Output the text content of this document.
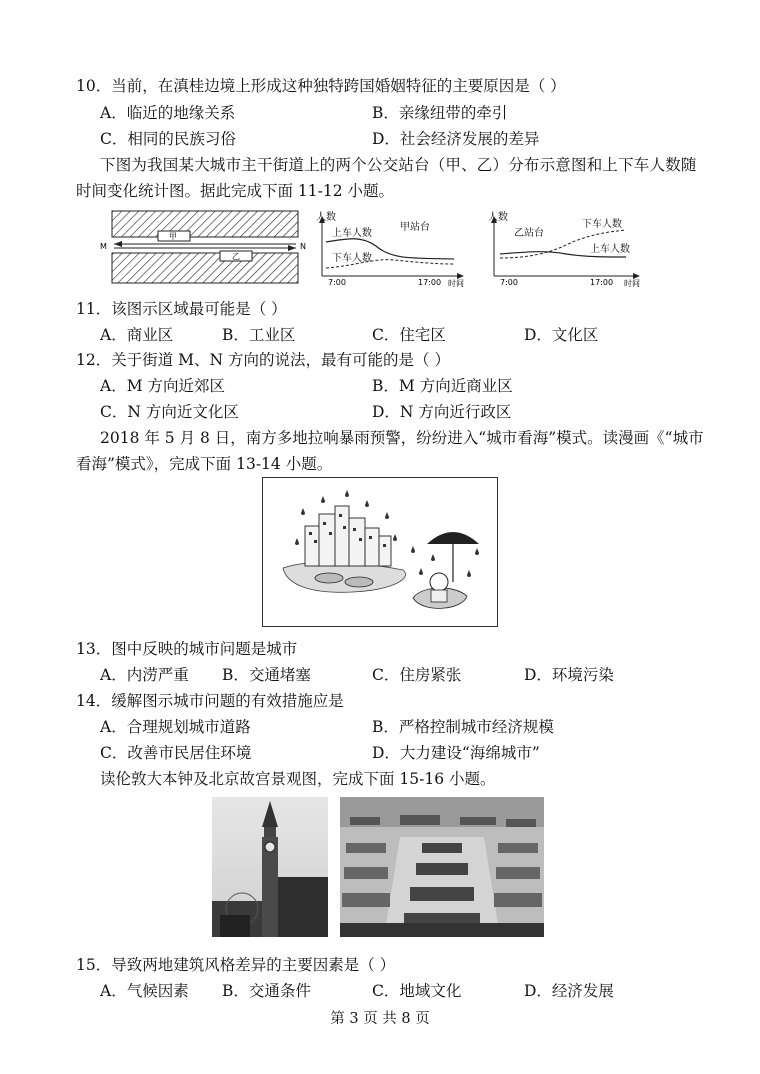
10．当前，在滇桂边境上形成这种独特跨国婚姻特征的主要原因是（ ）
A．临近的地缘关系	B．亲缘纽带的牵引
C．相同的民族习俗	D．社会经济发展的差异
下图为我国某大城市主干街道上的两个公交站台（甲、乙）分布示意图和上下车人数随
时间变化统计图。据此完成下面 11-12 小题。
M	N
甲
乙
人数
甲站台
上车人数
下车人数
7:00	17:00 时间
人数
乙站台
下车人数
上车人数
7:00	17:00 时间
11．该图示区域最可能是（ ）
A．商业区	B．工业区	C．住宅区	D．文化区
12．关于街道 M、N 方向的说法，最有可能的是（ ）
A．M 方向近郊区	B．M 方向近商业区
C．N 方向近文化区	D．N 方向近行政区
2018 年 5 月 8 日，南方多地拉响暴雨预警，纷纷进入“城市看海”模式。读漫画《“城市
看海”模式》，完成下面 13-14 小题。
13．图中反映的城市问题是城市
A．内涝严重 B．交通堵塞	C．住房紧张	D．环境污染
14．缓解图示城市问题的有效措施应是
A．合理规划城市道路	B．严格控制城市经济规模
C．改善市民居住环境	D．大力建设“海绵城市”
读伦敦大本钟及北京故宫景观图，完成下面 15-16 小题。
15．导致两地建筑风格差异的主要因素是（ ）
A．气候因素 B．交通条件	C．地域文化	D．经济发展
第 3 页 共 8 页
